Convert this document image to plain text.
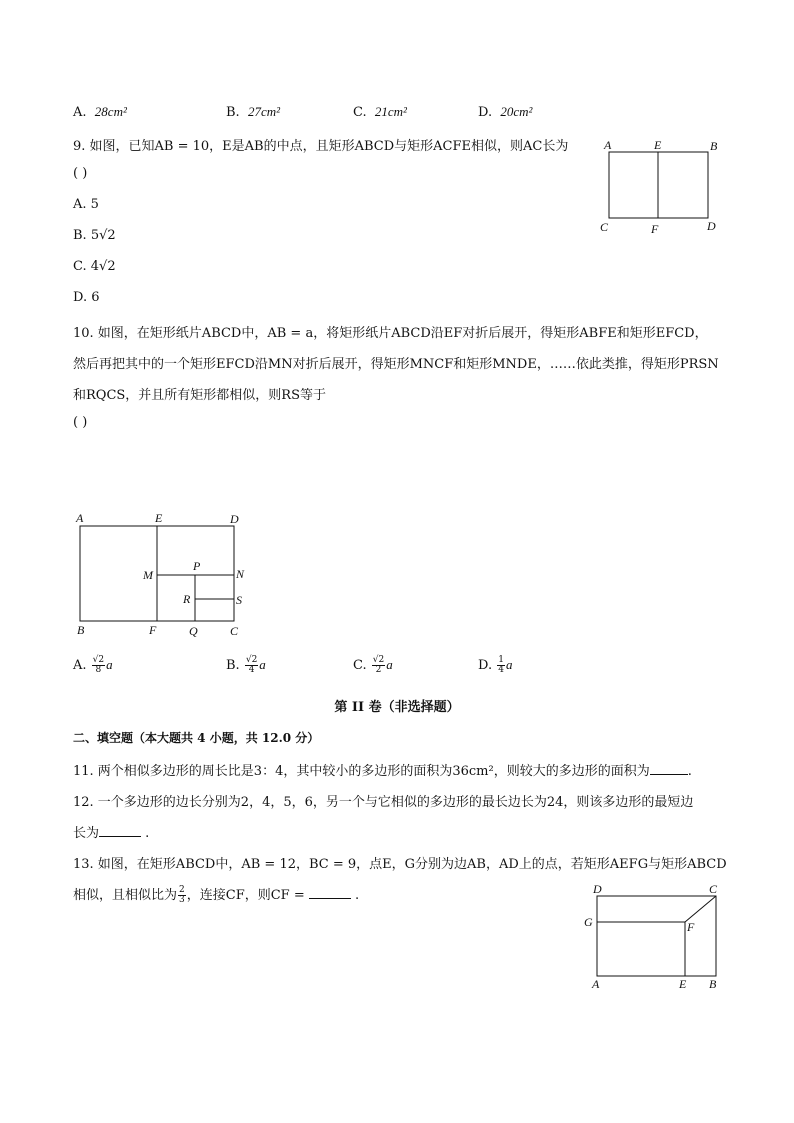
A. 28cm²	B. 27cm²	C. 21cm²	D. 20cm²
9. 如图，已知AB = 10，E是AB的中点，且矩形ABCD与矩形ACFE相似，则AC长为
( )
A. 5
B. 5√2
C. 4√2
D. 6
A	E	B
C	F	D
10. 如图，在矩形纸片ABCD中，AB = a，将矩形纸片ABCD沿EF对折后展开，得矩形ABFE和矩形EFCD，
然后再把其中的一个矩形EFCD沿MN对折后展开，得矩形MNCF和矩形MNDE，……依此类推，得矩形PRSN
和RQCS，并且所有矩形都相似，则RS等于
( )
A	E	D
M
P
N
R	S
B	F	Q	C
A. $\frac{√2}{8}$ a	B. $\frac{√2}{4}$ a	C. $\frac{√2}{2}$ a	D. $\frac{1}{4}$ a
第 II 卷（非选择题）
二、填空题（本大题共 4 小题，共 12.0 分）
11. 两个相似多边形的周长比是3：4，其中较小的多边形的面积为36cm²，则较大的多边形的面积为	.
12. 一个多边形的边长分别为2，4，5，6，另一个与它相似的多边形的最长边长为24，则该多边形的最短边
长为	.
13. 如图，在矩形ABCD中，AB = 12，BC = 9，点E，G分别为边AB，AD上的点，若矩形AEFG与矩形ABCD
相似，且相似比为 $\frac{2}{3}$ ，连接CF，则CF =	.	D	C
G	F
A	E B
